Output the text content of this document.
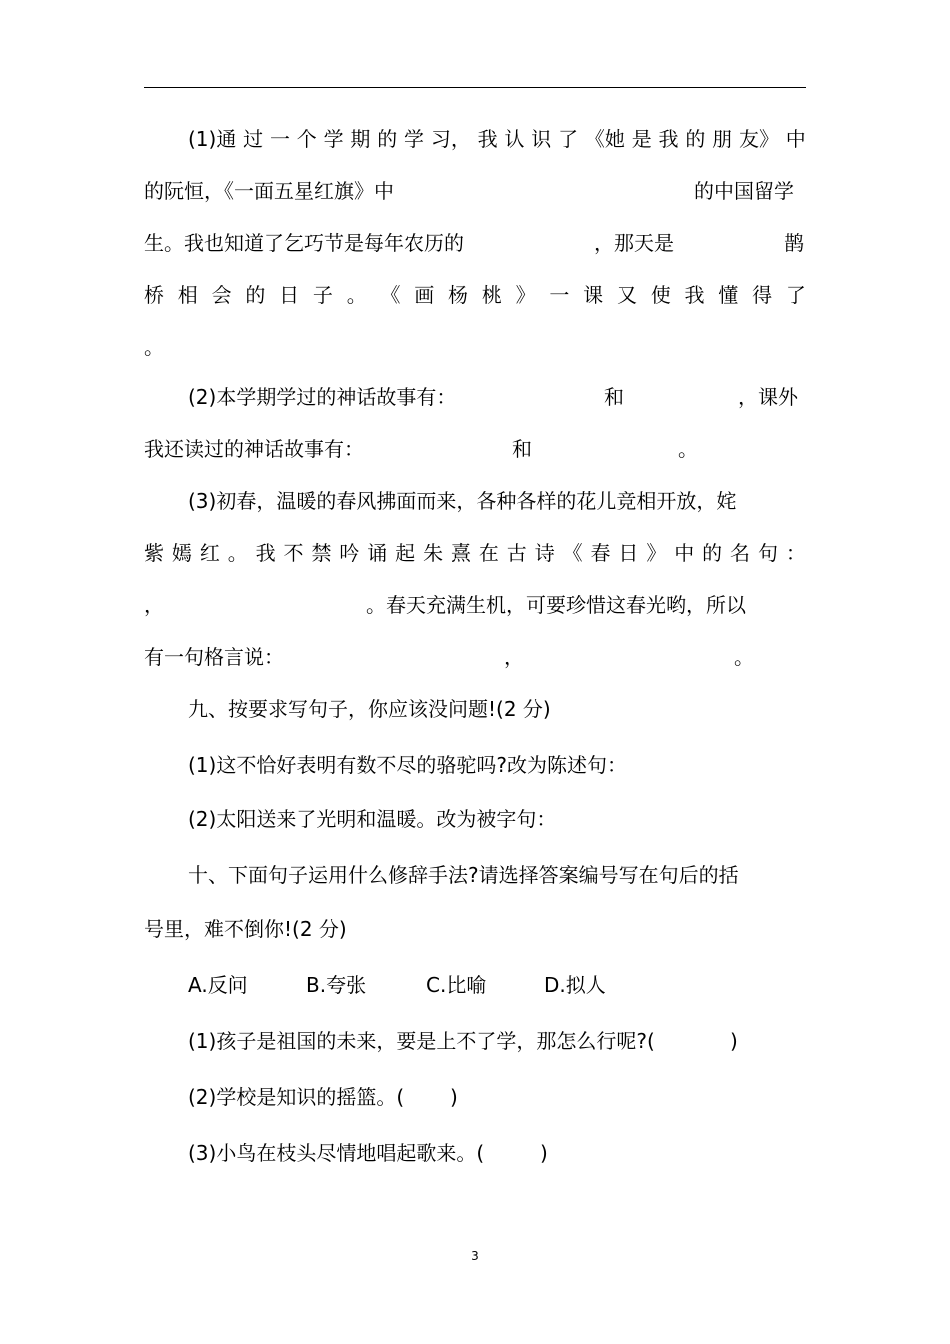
(1)通 过 一 个 学 期 的 学 习， 我 认 识 了 《她 是 我 的 朋 友》 中
的阮恒，《一面五星红旗》中	的中国留学
生。我也知道了乞巧节是每年农历的	，那天是	鹊
桥 相 会 的 日 子 。 《 画 杨 桃 》 一 课 又 使 我 懂 得 了
。
(2)本学期学过的神话故事有：	和	，课外
我还读过的神话故事有：	和	。
(3)初春，温暖的春风拂面而来，各种各样的花儿竞相开放，姹
紫 嫣 红 。 我 不 禁 吟 诵 起 朱 熹 在 古 诗 《 春 日 》 中 的 名 句 ：
，	。春天充满生机，可要珍惜这春光哟，所以
有一句格言说：	，	。
九、按要求写句子，你应该没问题!(2 分)
(1)这不恰好表明有数不尽的骆驼吗?改为陈述句：
(2)太阳送来了光明和温暖。改为被字句：
十、下面句子运用什么修辞手法?请选择答案编号写在句后的括
号里，难不倒你!(2 分)
A.反问	B.夸张	C.比喻	D.拟人
(1)孩子是祖国的未来，要是上不了学，那怎么行呢?(	)
(2)学校是知识的摇篮。( )
(3)小鸟在枝头尽情地唱起歌来。(	)
3
